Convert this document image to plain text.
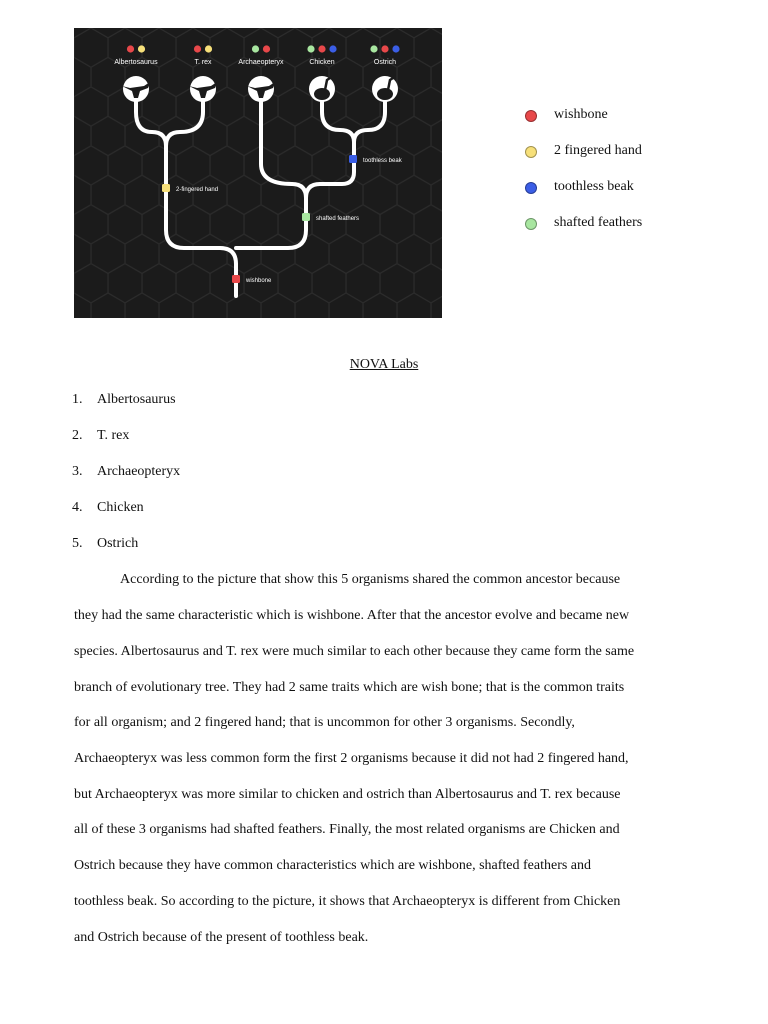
Albertosaurus	T. rex	Archaeopteryx	Chicken	Ostrich
wishbone
2-fingered hand
shafted feathers
toothless beak
wishbone
2 fingered hand
toothless beak
shafted feathers
NOVA Labs
1. Albertosaurus
2. T. rex
3. Archaeopteryx
4. Chicken
5. Ostrich
According to the picture that show this 5 organisms shared the common ancestor because
they had the same characteristic which is wishbone. After that the ancestor evolve and became new
species. Albertosaurus and T. rex were much similar to each other because they came form the same
branch of evolutionary tree. They had 2 same traits which are wish bone; that is the common traits
for all organism; and 2 fingered hand; that is uncommon for other 3 organisms. Secondly,
Archaeopteryx was less common form the first 2 organisms because it did not had 2 fingered hand,
but Archaeopteryx was more similar to chicken and ostrich than Albertosaurus and T. rex because
all of these 3 organisms had shafted feathers. Finally, the most related organisms are Chicken and
Ostrich because they have common characteristics which are wishbone, shafted feathers and
toothless beak. So according to the picture, it shows that Archaeopteryx is different from Chicken
and Ostrich because of the present of toothless beak.
